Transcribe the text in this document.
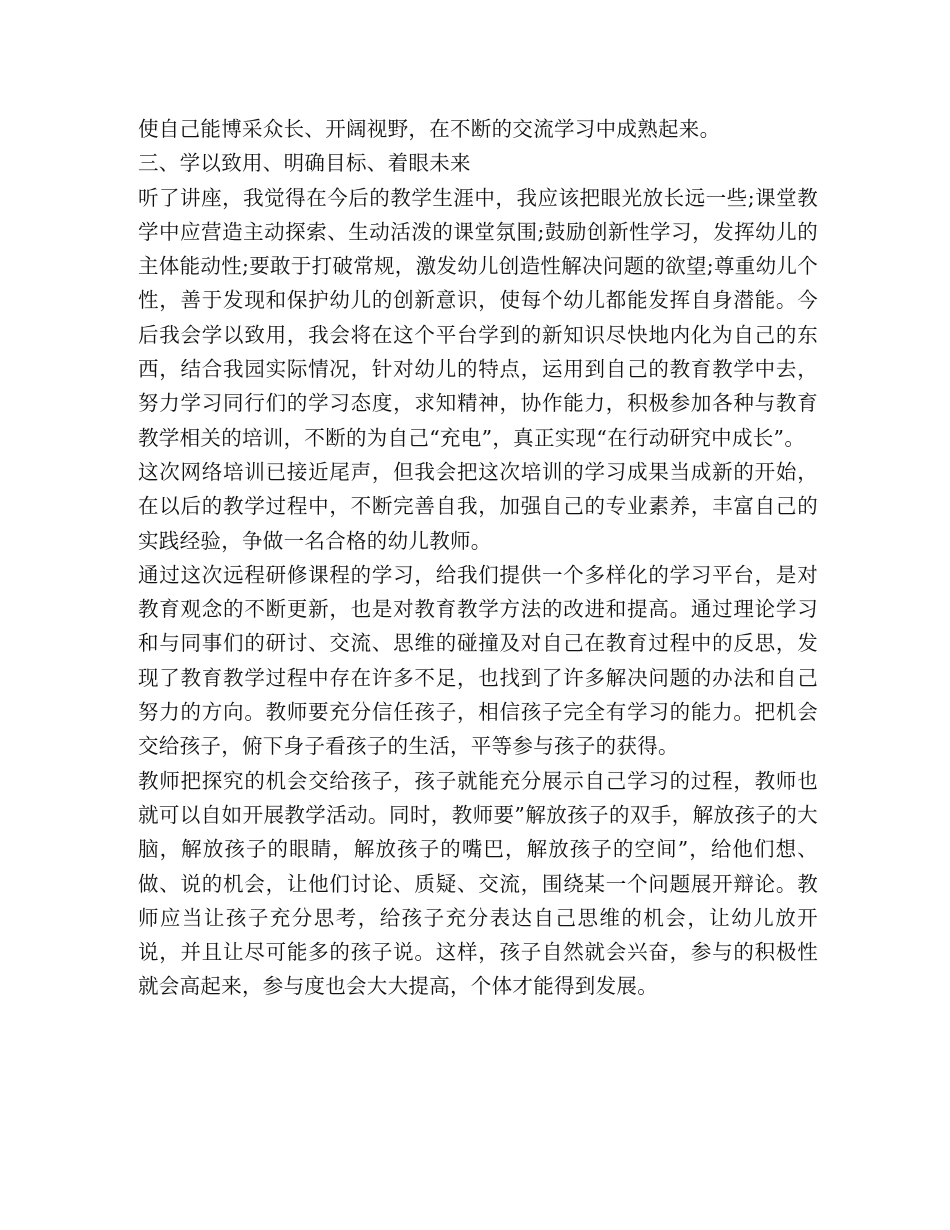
使自己能博采众长、开阔视野，在不断的交流学习中成熟起来。

三、学以致用、明确目标、着眼未来

听了讲座，我觉得在今后的教学生涯中，我应该把眼光放长远一些;课堂教学中应营造主动探索、生动活泼的课堂氛围;鼓励创新性学习，发挥幼儿的主体能动性;要敢于打破常规，激发幼儿创造性解决问题的欲望;尊重幼儿个性，善于发现和保护幼儿的创新意识，使每个幼儿都能发挥自身潜能。今后我会学以致用，我会将在这个平台学到的新知识尽快地内化为自己的东西，结合我园实际情况，针对幼儿的特点，运用到自己的教育教学中去，努力学习同行们的学习态度，求知精神，协作能力，积极参加各种与教育教学相关的培训，不断的为自己“充电”，真正实现“在行动研究中成长”。

这次网络培训已接近尾声，但我会把这次培训的学习成果当成新的开始，在以后的教学过程中，不断完善自我，加强自己的专业素养，丰富自己的实践经验，争做一名合格的幼儿教师。

通过这次远程研修课程的学习，给我们提供一个多样化的学习平台，是对教育观念的不断更新，也是对教育教学方法的改进和提高。通过理论学习和与同事们的研讨、交流、思维的碰撞及对自己在教育过程中的反思，发现了教育教学过程中存在许多不足，也找到了许多解决问题的办法和自己努力的方向。教师要充分信任孩子，相信孩子完全有学习的能力。把机会交给孩子，俯下身子看孩子的生活，平等参与孩子的获得。

教师把探究的机会交给孩子，孩子就能充分展示自己学习的过程，教师也就可以自如开展教学活动。同时，教师要”解放孩子的双手，解放孩子的大脑，解放孩子的眼睛，解放孩子的嘴巴，解放孩子的空间”，给他们想、做、说的机会，让他们讨论、质疑、交流，围绕某一个问题展开辩论。教师应当让孩子充分思考，给孩子充分表达自己思维的机会，让幼儿放开说，并且让尽可能多的孩子说。这样，孩子自然就会兴奋，参与的积极性就会高起来，参与度也会大大提高，个体才能得到发展。
